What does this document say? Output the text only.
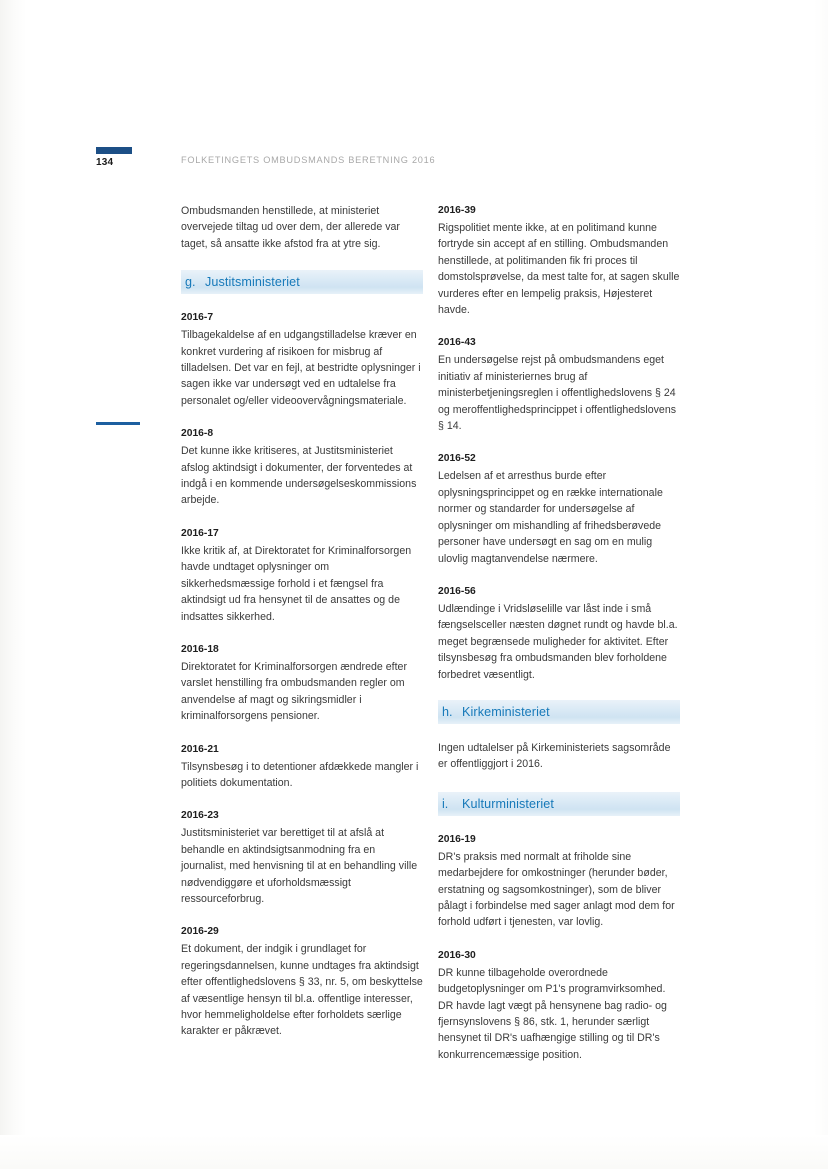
134	FOLKETINGETS OMBUDSMANDS BERETNING 2016

Ombudsmanden henstillede, at ministeriet overvejede tiltag ud over dem, der allerede var taget, så ansatte ikke afstod fra at ytre sig.

g. Justitsministeriet

2016-7

Tilbagekaldelse af en udgangstilladelse kræver en konkret vurdering af risikoen for misbrug af tilladelsen. Det var en fejl, at bestridte oplysninger i sagen ikke var undersøgt ved en udtalelse fra personalet og/eller videoovervågningsmateriale.

2016-8

Det kunne ikke kritiseres, at Justitsministeriet afslog aktindsigt i dokumenter, der forventedes at indgå i en kommende undersøgelseskommissions arbejde.

2016-17

Ikke kritik af, at Direktoratet for Kriminalforsorgen havde undtaget oplysninger om sikkerhedsmæssige forhold i et fængsel fra aktindsigt ud fra hensynet til de ansattes og de indsattes sikkerhed.

2016-18

Direktoratet for Kriminalforsorgen ændrede efter varslet henstilling fra ombudsmanden regler om anvendelse af magt og sikringsmidler i kriminalforsorgens pensioner.

2016-21

Tilsynsbesøg i to detentioner afdækkede mangler i politiets dokumentation.

2016-23

Justitsministeriet var berettiget til at afslå at behandle en aktindsigtsanmodning fra en journalist, med henvisning til at en behandling ville nødvendiggøre et uforholdsmæssigt ressourceforbrug.

2016-29

Et dokument, der indgik i grundlaget for regeringsdannelsen, kunne undtages fra aktindsigt efter offentlighedslovens § 33, nr. 5, om beskyttelse af væsentlige hensyn til bl.a. offentlige interesser, hvor hemmeligholdelse efter forholdets særlige karakter er påkrævet.

2016-39

Rigspolitiet mente ikke, at en politimand kunne fortryde sin accept af en stilling. Ombudsmanden henstillede, at politimanden fik fri proces til domstolsprøvelse, da mest talte for, at sagen skulle vurderes efter en lempelig praksis, Højesteret havde.

2016-43

En undersøgelse rejst på ombudsmandens eget initiativ af ministeriernes brug af ministerbetjeningsreglen i offentlighedslovens § 24 og meroffentlighedsprincippet i offentlighedslovens § 14.

2016-52

Ledelsen af et arresthus burde efter oplysningsprincippet og en række internationale normer og standarder for undersøgelse af oplysninger om mishandling af frihedsberøvede personer have undersøgt en sag om en mulig ulovlig magtanvendelse nærmere.

2016-56

Udlændinge i Vridsløselille var låst inde i små fængselsceller næsten døgnet rundt og havde bl.a. meget begrænsede muligheder for aktivitet. Efter tilsynsbesøg fra ombudsmanden blev forholdene forbedret væsentligt.

h. Kirkeministeriet

Ingen udtalelser på Kirkeministeriets sagsområde er offentliggjort i 2016.

i.	Kulturministeriet

2016-19

DR's praksis med normalt at friholde sine medarbejdere for omkostninger (herunder bøder, erstatning og sagsomkostninger), som de bliver pålagt i forbindelse med sager anlagt mod dem for forhold udført i tjenesten, var lovlig.

2016-30

DR kunne tilbageholde overordnede budgetoplysninger om P1's programvirksomhed. DR havde lagt vægt på hensynene bag radio- og fjernsynslovens § 86, stk. 1, herunder særligt hensynet til DR's uafhængige stilling og til DR's konkurrencemæssige position.
